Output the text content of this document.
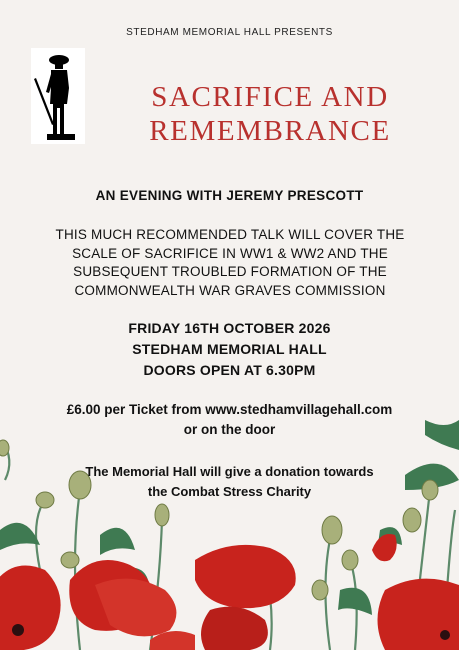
STEDHAM MEMORIAL HALL PRESENTS
SACRIFICE AND
REMEMBRANCE
AN EVENING WITH JEREMY PRESCOTT
THIS MUCH RECOMMENDED TALK WILL COVER THE
SCALE OF SACRIFICE IN WW1 & WW2 AND THE
SUBSEQUENT TROUBLED FORMATION OF THE
COMMONWEALTH WAR GRAVES COMMISSION
FRIDAY 16TH OCTOBER 2026
STEDHAM MEMORIAL HALL
DOORS OPEN AT 6.30PM
£6.00 per Ticket from www.stedhamvillagehall.com
or on the door
The Memorial Hall will give a donation towards
the Combat Stress Charity
